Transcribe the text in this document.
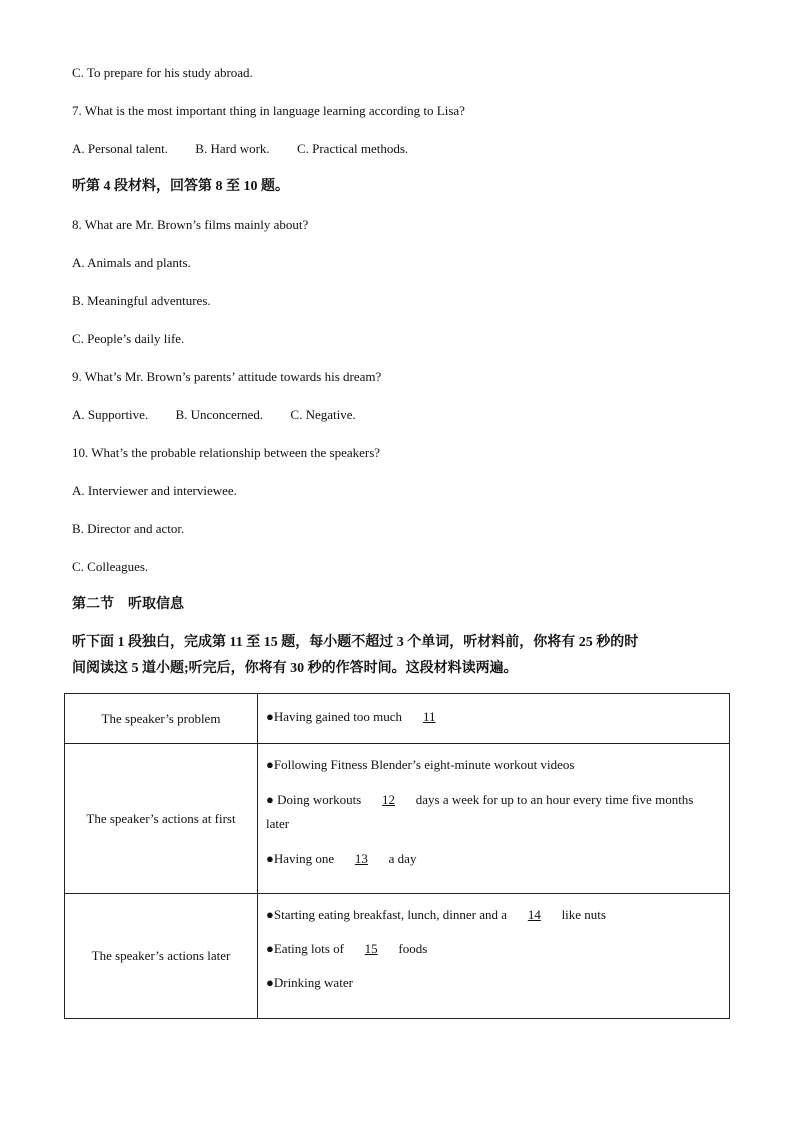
C. To prepare for his study abroad.
7. What is the most important thing in language learning according to Lisa?
A. Personal talent. B. Hard work. C. Practical methods.
听第 4 段材料，回答第 8 至 10 题。
8. What are Mr. Brown’s films mainly about?
A. Animals and plants.
B. Meaningful adventures.
C. People’s daily life.
9. What’s Mr. Brown’s parents’ attitude towards his dream?
A. Supportive. B. Unconcerned. C. Negative.
10. What’s the probable relationship between the speakers?
A. Interviewer and interviewee.
B. Director and actor.
C. Colleagues.
第二节　听取信息
听下面 1 段独白，完成第 11 至 15 题，每小题不超过 3 个单词，听材料前，你将有 25 秒的时
间阅读这 5 道小题;听完后，你将有 30 秒的作答时间。这段材料读两遍。
The speaker’s problem	●Having gained too much 11

The speaker’s actions at first	●Following Fitness Blender’s eight-minute workout videos
● Doing workouts 12 days a week for up to an hour every time five months later
●Having one 13 a day

The speaker’s actions later	●Starting eating breakfast, lunch, dinner and a 14 like nuts
●Eating lots of 15 foods
●Drinking water
